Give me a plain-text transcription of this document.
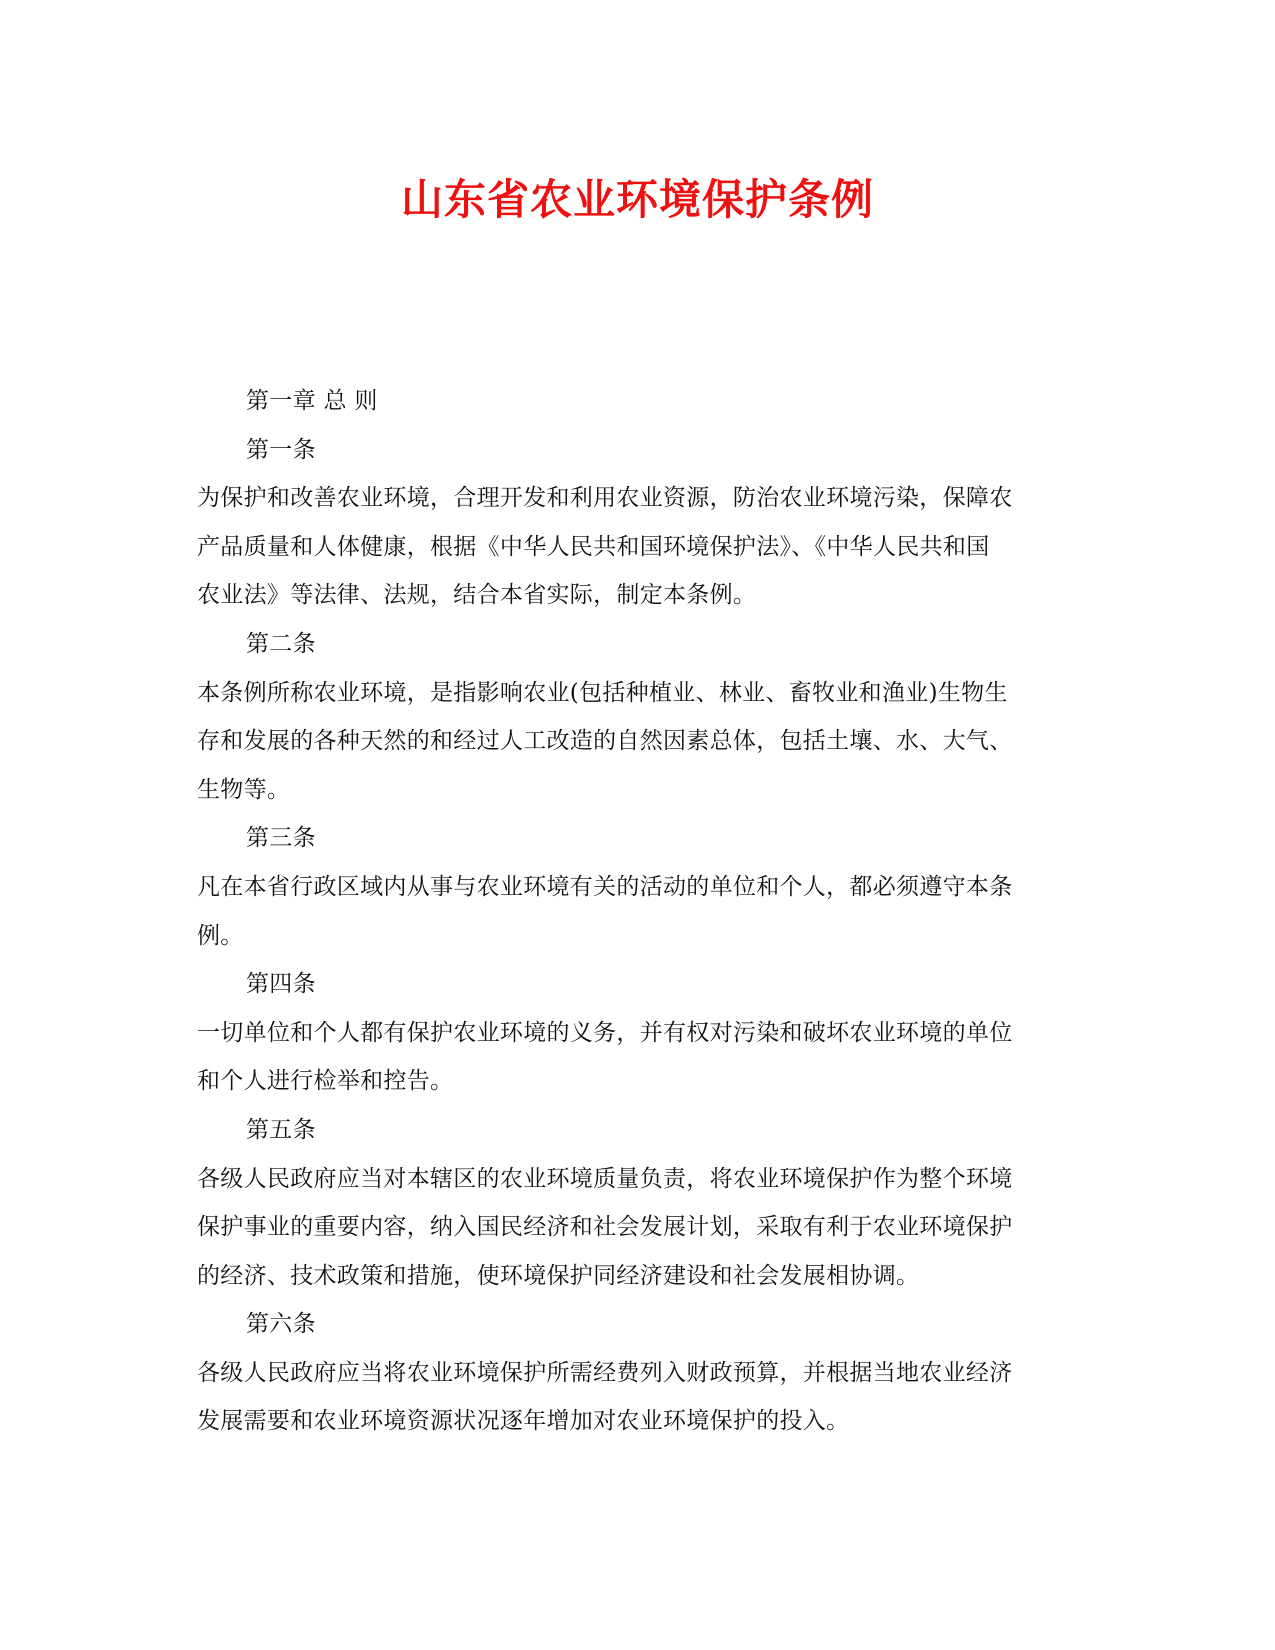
山东省农业环境保护条例

第一章 总 则

第一条

为保护和改善农业环境，合理开发和利用农业资源，防治农业环境污染，保障农

产品质量和人体健康，根据《中华人民共和国环境保护法》、《中华人民共和国

农业法》等法律、法规，结合本省实际，制定本条例。

第二条

本条例所称农业环境，是指影响农业(包括种植业、林业、畜牧业和渔业)生物生

存和发展的各种天然的和经过人工改造的自然因素总体，包括土壤、水、大气、

生物等。

第三条

凡在本省行政区域内从事与农业环境有关的活动的单位和个人，都必须遵守本条

例。

第四条

一切单位和个人都有保护农业环境的义务，并有权对污染和破坏农业环境的单位

和个人进行检举和控告。

第五条

各级人民政府应当对本辖区的农业环境质量负责，将农业环境保护作为整个环境

保护事业的重要内容，纳入国民经济和社会发展计划，采取有利于农业环境保护

的经济、技术政策和措施，使环境保护同经济建设和社会发展相协调。

第六条

各级人民政府应当将农业环境保护所需经费列入财政预算，并根据当地农业经济

发展需要和农业环境资源状况逐年增加对农业环境保护的投入。
